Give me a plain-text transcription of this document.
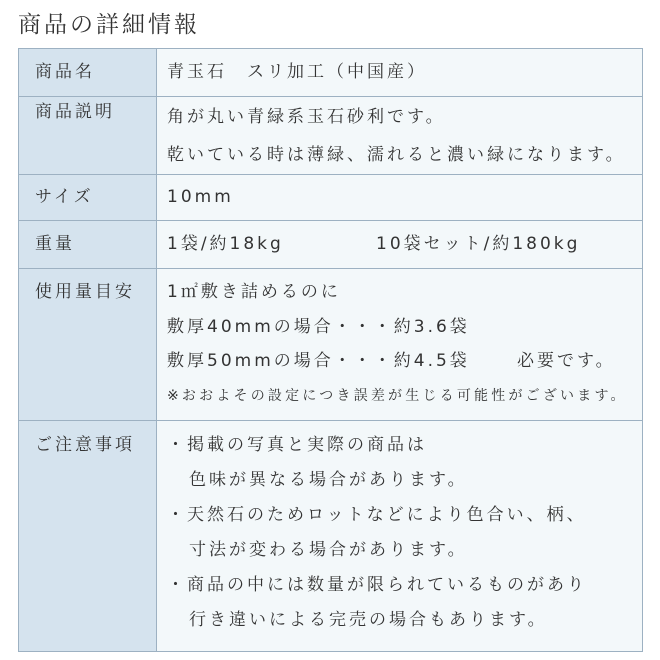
商品の詳細情報
商品名	青玉石　スリ加工（中国産）
商品説明	角が丸い青緑系玉石砂利です。
乾いている時は薄緑、濡れると濃い緑になります。
サイズ	10mm
重量	1袋/約18kg	10袋セット/約180kg
使用量目安	1㎡敷き詰めるのに
敷厚40mmの場合・・・約3.6袋
敷厚50mmの場合・・・約4.5袋	必要です。
※おおよその設定につき誤差が生じる可能性がございます。
ご注意事項	・掲載の写真と実際の商品は
色味が異なる場合があります。
・天然石のためロットなどにより色合い、柄、
寸法が変わる場合があります。
・商品の中には数量が限られているものがあり
行き違いによる完売の場合もあります。
